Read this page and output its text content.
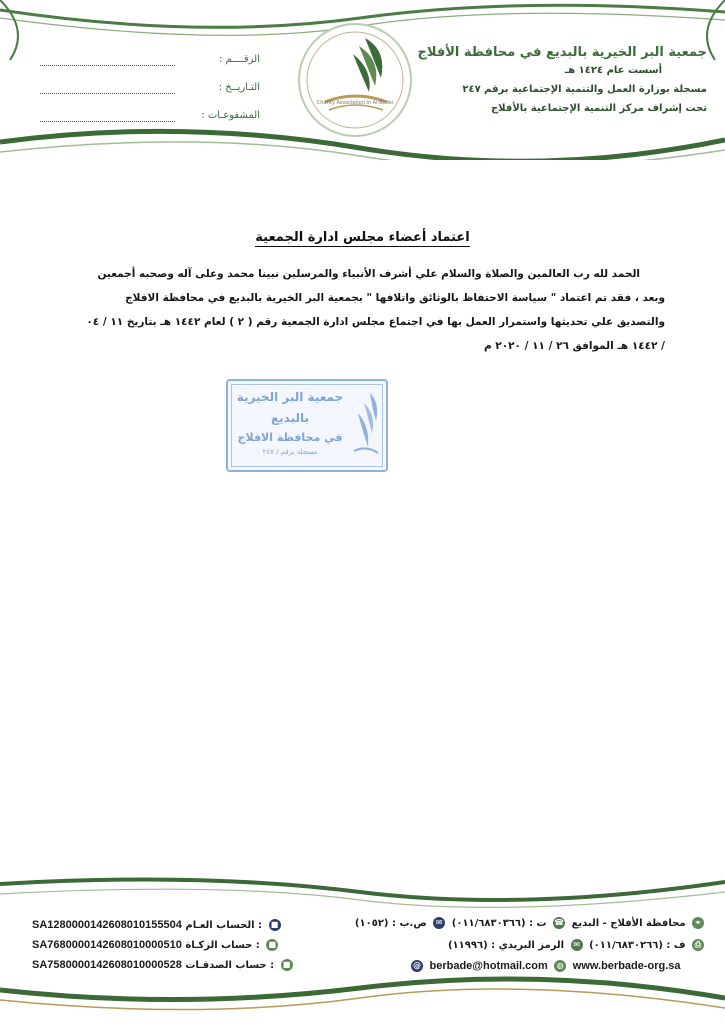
جمعية البر الخيرية بالبديع في محافظة الأفلاج
أسست عام ١٤٢٤ هـ
مسجلة بوزارة العمل والتنمية الإجتماعية برقم ٢٤٧
تحت إشراف مركز التنمية الإجتماعية بالأفلاج
Charity Association in Al-Bedei
الرقــــم :
التـاريــخ :
المشفوعـات :
اعتماد أعضاء مجلس ادارة الجمعية

الحمد لله رب العالمين والصلاة والسلام علي أشرف الأنبياء والمرسلين نبينا محمد وعلى آله وصحبه أجمعين

وبعد ، فقد تم اعتماد " سياسة الاحتفاظ بالوثائق واتلافها " بجمعية البر الخيرية بالبديع في محافظة الافلاج

والتصديق علي تحديثها واستمرار العمل بها في اجتماع مجلس ادارة الجمعية رقم ( ٢ ) لعام ١٤٤٢ هـ بتاريخ ١١ / ٠٤

/ ١٤٤٢ هـ الموافق ٢٦ / ١١ / ٢٠٢٠ م

جمعية البر الخيرية
بالبديع
في محافظة الافلاج
مسجلة برقم / ٢٤٧
⌖ محافظة الأفلاج - البديع ☎ ت : (٠١١/٦٨٣٠٣٦٦) ✉ ص.ب : (١٠٥٢)
⎙ ف : (٠١١/٦٨٣٠٢٦٦) ✉ الرمز البريدي : (١١٩٩٦)
@ berbade@hotmail.com ◍ www.berbade-org.sa
SA1280000142608010155504 الحساب العـام : ■
SA7680000142608010000510 حساب الزكـاة : ■
SA7580000142608010000528 حساب الصدقـات : ■
